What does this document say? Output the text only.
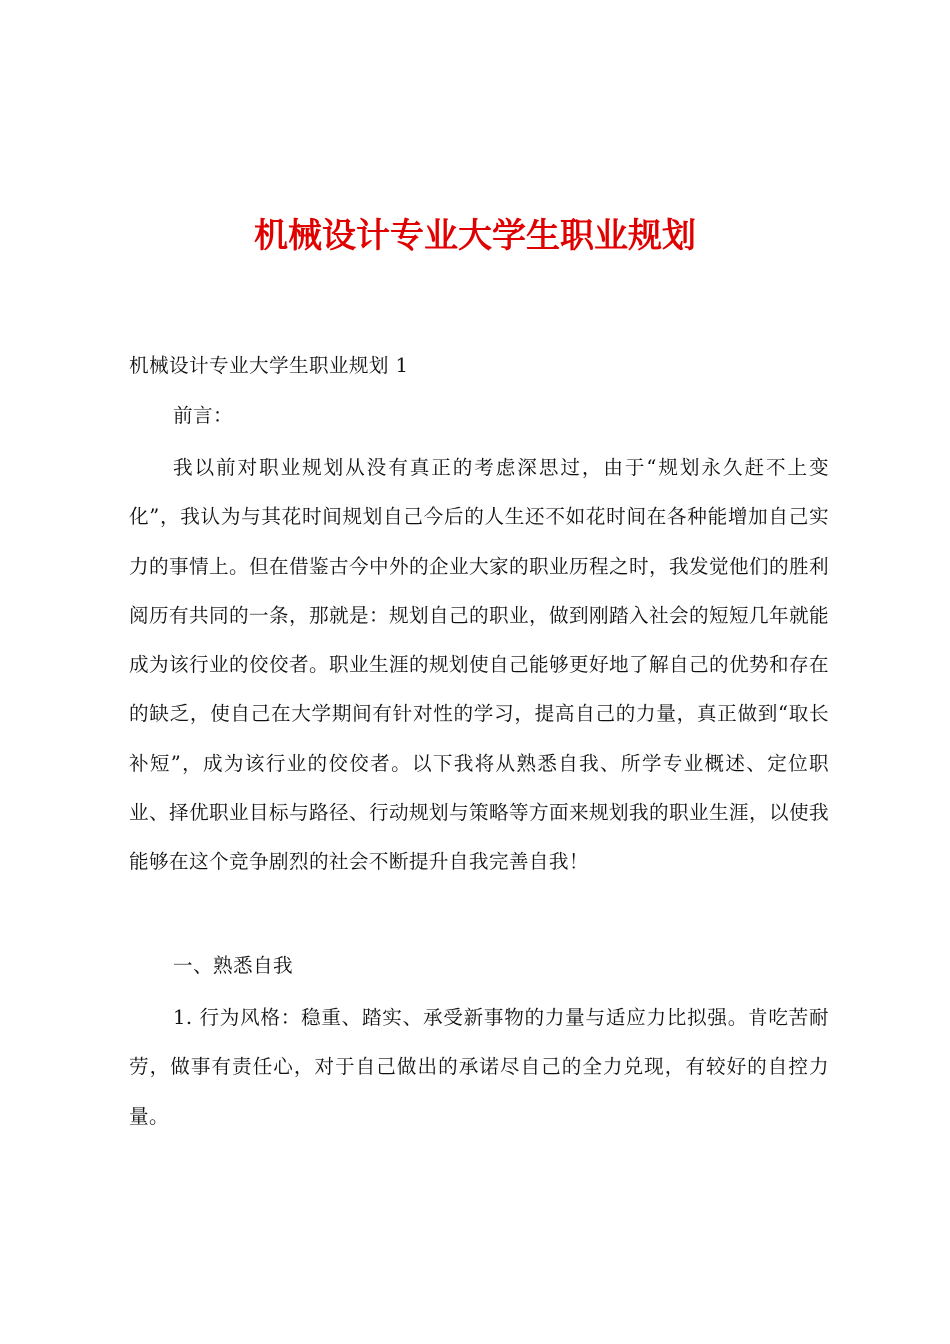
机械设计专业大学生职业规划
机械设计专业大学生职业规划 1
前言：

我以前对职业规划从没有真正的考虑深思过，由于“规划永久赶不上变化”，我认为与其花时间规划自己今后的人生还不如花时间在各种能增加自己实力的事情上。但在借鉴古今中外的企业大家的职业历程之时，我发觉他们的胜利阅历有共同的一条，那就是：规划自己的职业，做到刚踏入社会的短短几年就能成为该行业的佼佼者。职业生涯的规划使自己能够更好地了解自己的优势和存在的缺乏，使自己在大学期间有针对性的学习，提高自己的力量，真正做到“取长补短”，成为该行业的佼佼者。以下我将从熟悉自我、所学专业概述、定位职业、择优职业目标与路径、行动规划与策略等方面来规划我的职业生涯，以使我能够在这个竞争剧烈的社会不断提升自我完善自我！

一、熟悉自我

1. 行为风格：稳重、踏实、承受新事物的力量与适应力比拟强。肯吃苦耐劳，做事有责任心，对于自己做出的承诺尽自己的全力兑现，有较好的自控力量。
